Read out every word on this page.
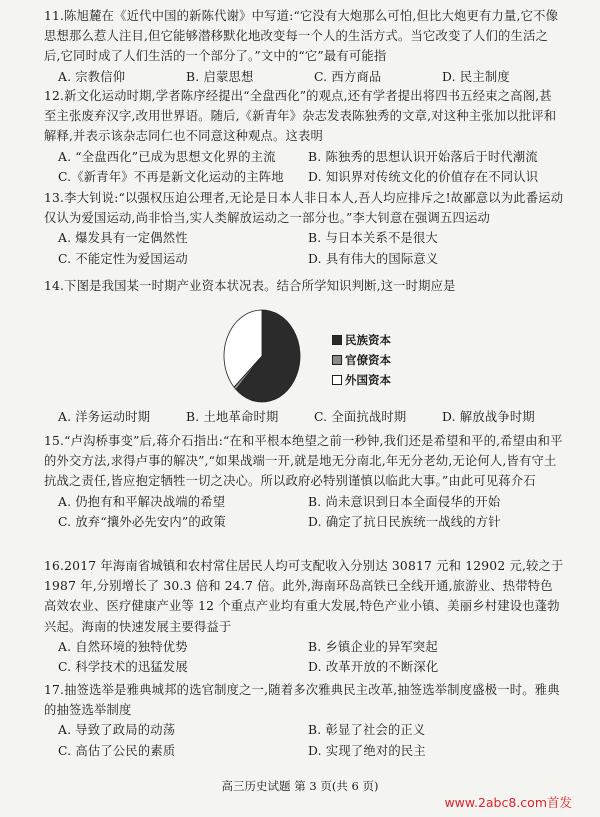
11.陈旭麓在《近代中国的新陈代谢》中写道:“它没有大炮那么可怕,但比大炮更有力量,它不像思想那么惹人注目,但它能够潜移默化地改变每一个人的生活方式。当它改变了人们的生活之后,它同时成了人们生活的一个部分了。”文中的“它”最有可能指

A. 宗教信仰	B. 启蒙思想	C. 西方商品	D. 民主制度

12.新文化运动时期,学者陈序经提出“全盘西化”的观点,还有学者提出将四书五经束之高阁,甚至主张废弃汉字,改用世界语。随后,《新青年》杂志发表陈独秀的文章,对这种主张加以批评和解释,并表示该杂志同仁也不同意这种观点。这表明

A. “全盘西化”已成为思想文化界的主流	B. 陈独秀的思想认识开始落后于时代潮流
C.《新青年》不再是新文化运动的主阵地	D. 知识界对传统文化的价值存在不同认识

13.李大钊说:“以强权压迫公理者,无论是日本人非日本人,吾人均应排斥之!故鄙意以为此番运动仅认为爱国运动,尚非恰当,实人类解放运动之一部分也。”李大钊意在强调五四运动

A. 爆发具有一定偶然性	B. 与日本关系不是很大
C. 不能定性为爱国运动	D. 具有伟大的国际意义

14.下图是我国某一时期产业资本状况表。结合所学知识判断,这一时期应是

民族资本
官僚资本
外国资本
A. 洋务运动时期	B. 土地革命时期	C. 全面抗战时期	D. 解放战争时期

15.“卢沟桥事变”后,蒋介石指出:“在和平根本绝望之前一秒钟,我们还是希望和平的,希望由和平的外交方法,求得卢事的解决”,“如果战端一开,就是地无分南北,年无分老幼,无论何人,皆有守土抗战之责任,皆应抱定牺牲一切之决心。所以政府必特别谨慎以临此大事。”由此可见蒋介石

A. 仍抱有和平解决战端的希望	B. 尚未意识到日本全面侵华的开始
C. 放弃“攘外必先安内”的政策	D. 确定了抗日民族统一战线的方针

16.2017 年海南省城镇和农村常住居民人均可支配收入分别达 30817 元和 12902 元,较之于 1987 年,分别增长了 30.3 倍和 24.7 倍。此外,海南环岛高铁已全线开通,旅游业、热带特色高效农业、医疗健康产业等 12 个重点产业均有重大发展,特色产业小镇、美丽乡村建设也蓬勃兴起。海南的快速发展主要得益于

A. 自然环境的独特优势	B. 乡镇企业的异军突起
C. 科学技术的迅猛发展	D. 改革开放的不断深化

17.抽签选举是雅典城邦的选官制度之一,随着多次雅典民主改革,抽签选举制度盛极一时。雅典的抽签选举制度

A. 导致了政局的动荡	B. 彰显了社会的正义
C. 高估了公民的素质	D. 实现了绝对的民主
高三历史试题 第 3 页(共 6 页)
www.2abc8.com首发
